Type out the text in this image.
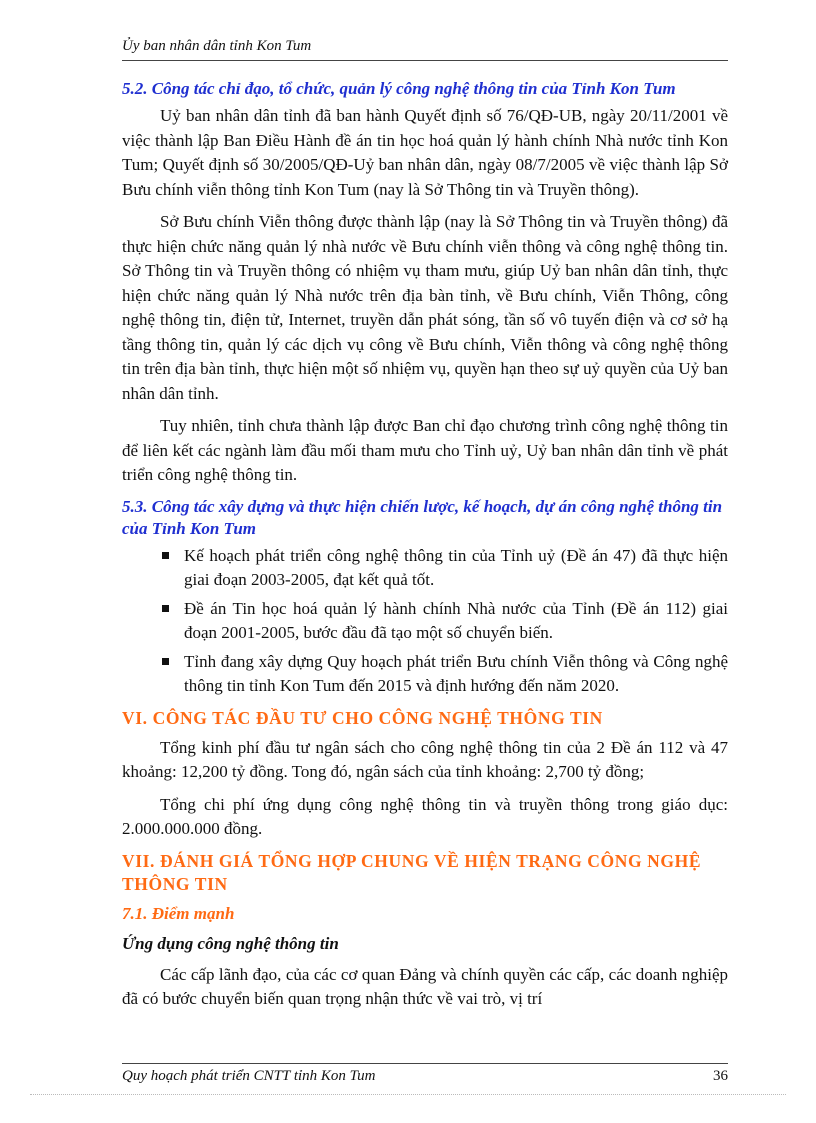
Ủy ban nhân dân tỉnh Kon Tum
5.2. Công tác chỉ đạo, tổ chức, quản lý công nghệ thông tin của Tỉnh Kon Tum

Uỷ ban nhân dân tỉnh đã ban hành Quyết định số 76/QĐ-UB, ngày 20/11/2001 về việc thành lập Ban Điều Hành đề án tin học hoá quản lý hành chính Nhà nước tỉnh Kon Tum; Quyết định số 30/2005/QĐ-Uỷ ban nhân dân, ngày 08/7/2005 về việc thành lập Sở Bưu chính viễn thông tỉnh Kon Tum (nay là Sở Thông tin và Truyền thông).

Sở Bưu chính Viễn thông được thành lập (nay là Sở Thông tin và Truyền thông) đã thực hiện chức năng quản lý nhà nước về Bưu chính viễn thông và công nghệ thông tin. Sở Thông tin và Truyền thông có nhiệm vụ tham mưu, giúp Uỷ ban nhân dân tỉnh, thực hiện chức năng quản lý Nhà nước trên địa bàn tỉnh, về Bưu chính, Viễn Thông, công nghệ thông tin, điện tử, Internet, truyền dẫn phát sóng, tần số vô tuyến điện và cơ sở hạ tầng thông tin, quản lý các dịch vụ công về Bưu chính, Viễn thông và công nghệ thông tin trên địa bàn tỉnh, thực hiện một số nhiệm vụ, quyền hạn theo sự uỷ quyền của Uỷ ban nhân dân tỉnh.

Tuy nhiên, tỉnh chưa thành lập được Ban chỉ đạo chương trình công nghệ thông tin để liên kết các ngành làm đầu mối tham mưu cho Tỉnh uỷ, Uỷ ban nhân dân tỉnh về phát triển công nghệ thông tin.

5.3. Công tác xây dựng và thực hiện chiến lược, kế hoạch, dự án công nghệ thông tin của Tỉnh Kon Tum
Kế hoạch phát triển công nghệ thông tin của Tỉnh uỷ (Đề án 47) đã thực hiện giai đoạn 2003-2005, đạt kết quả tốt.
Đề án Tin học hoá quản lý hành chính Nhà nước của Tỉnh (Đề án 112) giai đoạn 2001-2005, bước đầu đã tạo một số chuyển biến.
Tỉnh đang xây dựng Quy hoạch phát triển Bưu chính Viễn thông và Công nghệ thông tin tỉnh Kon Tum đến 2015 và định hướng đến năm 2020.
VI. CÔNG TÁC ĐẦU TƯ CHO CÔNG NGHỆ THÔNG TIN

Tổng kinh phí đầu tư ngân sách cho công nghệ thông tin của 2 Đề án 112 và 47 khoảng: 12,200 tỷ đồng. Tong đó, ngân sách của tỉnh khoảng: 2,700 tỷ đồng;

Tổng chi phí ứng dụng công nghệ thông tin và truyền thông trong giáo dục: 2.000.000.000 đồng.

VII. ĐÁNH GIÁ TỔNG HỢP CHUNG VỀ HIỆN TRẠNG CÔNG NGHỆ THÔNG TIN
7.1. Điểm mạnh
Ứng dụng công nghệ thông tin

Các cấp lãnh đạo, của các cơ quan Đảng và chính quyền các cấp, các doanh nghiệp đã có bước chuyển biến quan trọng nhận thức về vai trò, vị trí

Quy hoạch phát triển CNTT tỉnh Kon Tum	36
